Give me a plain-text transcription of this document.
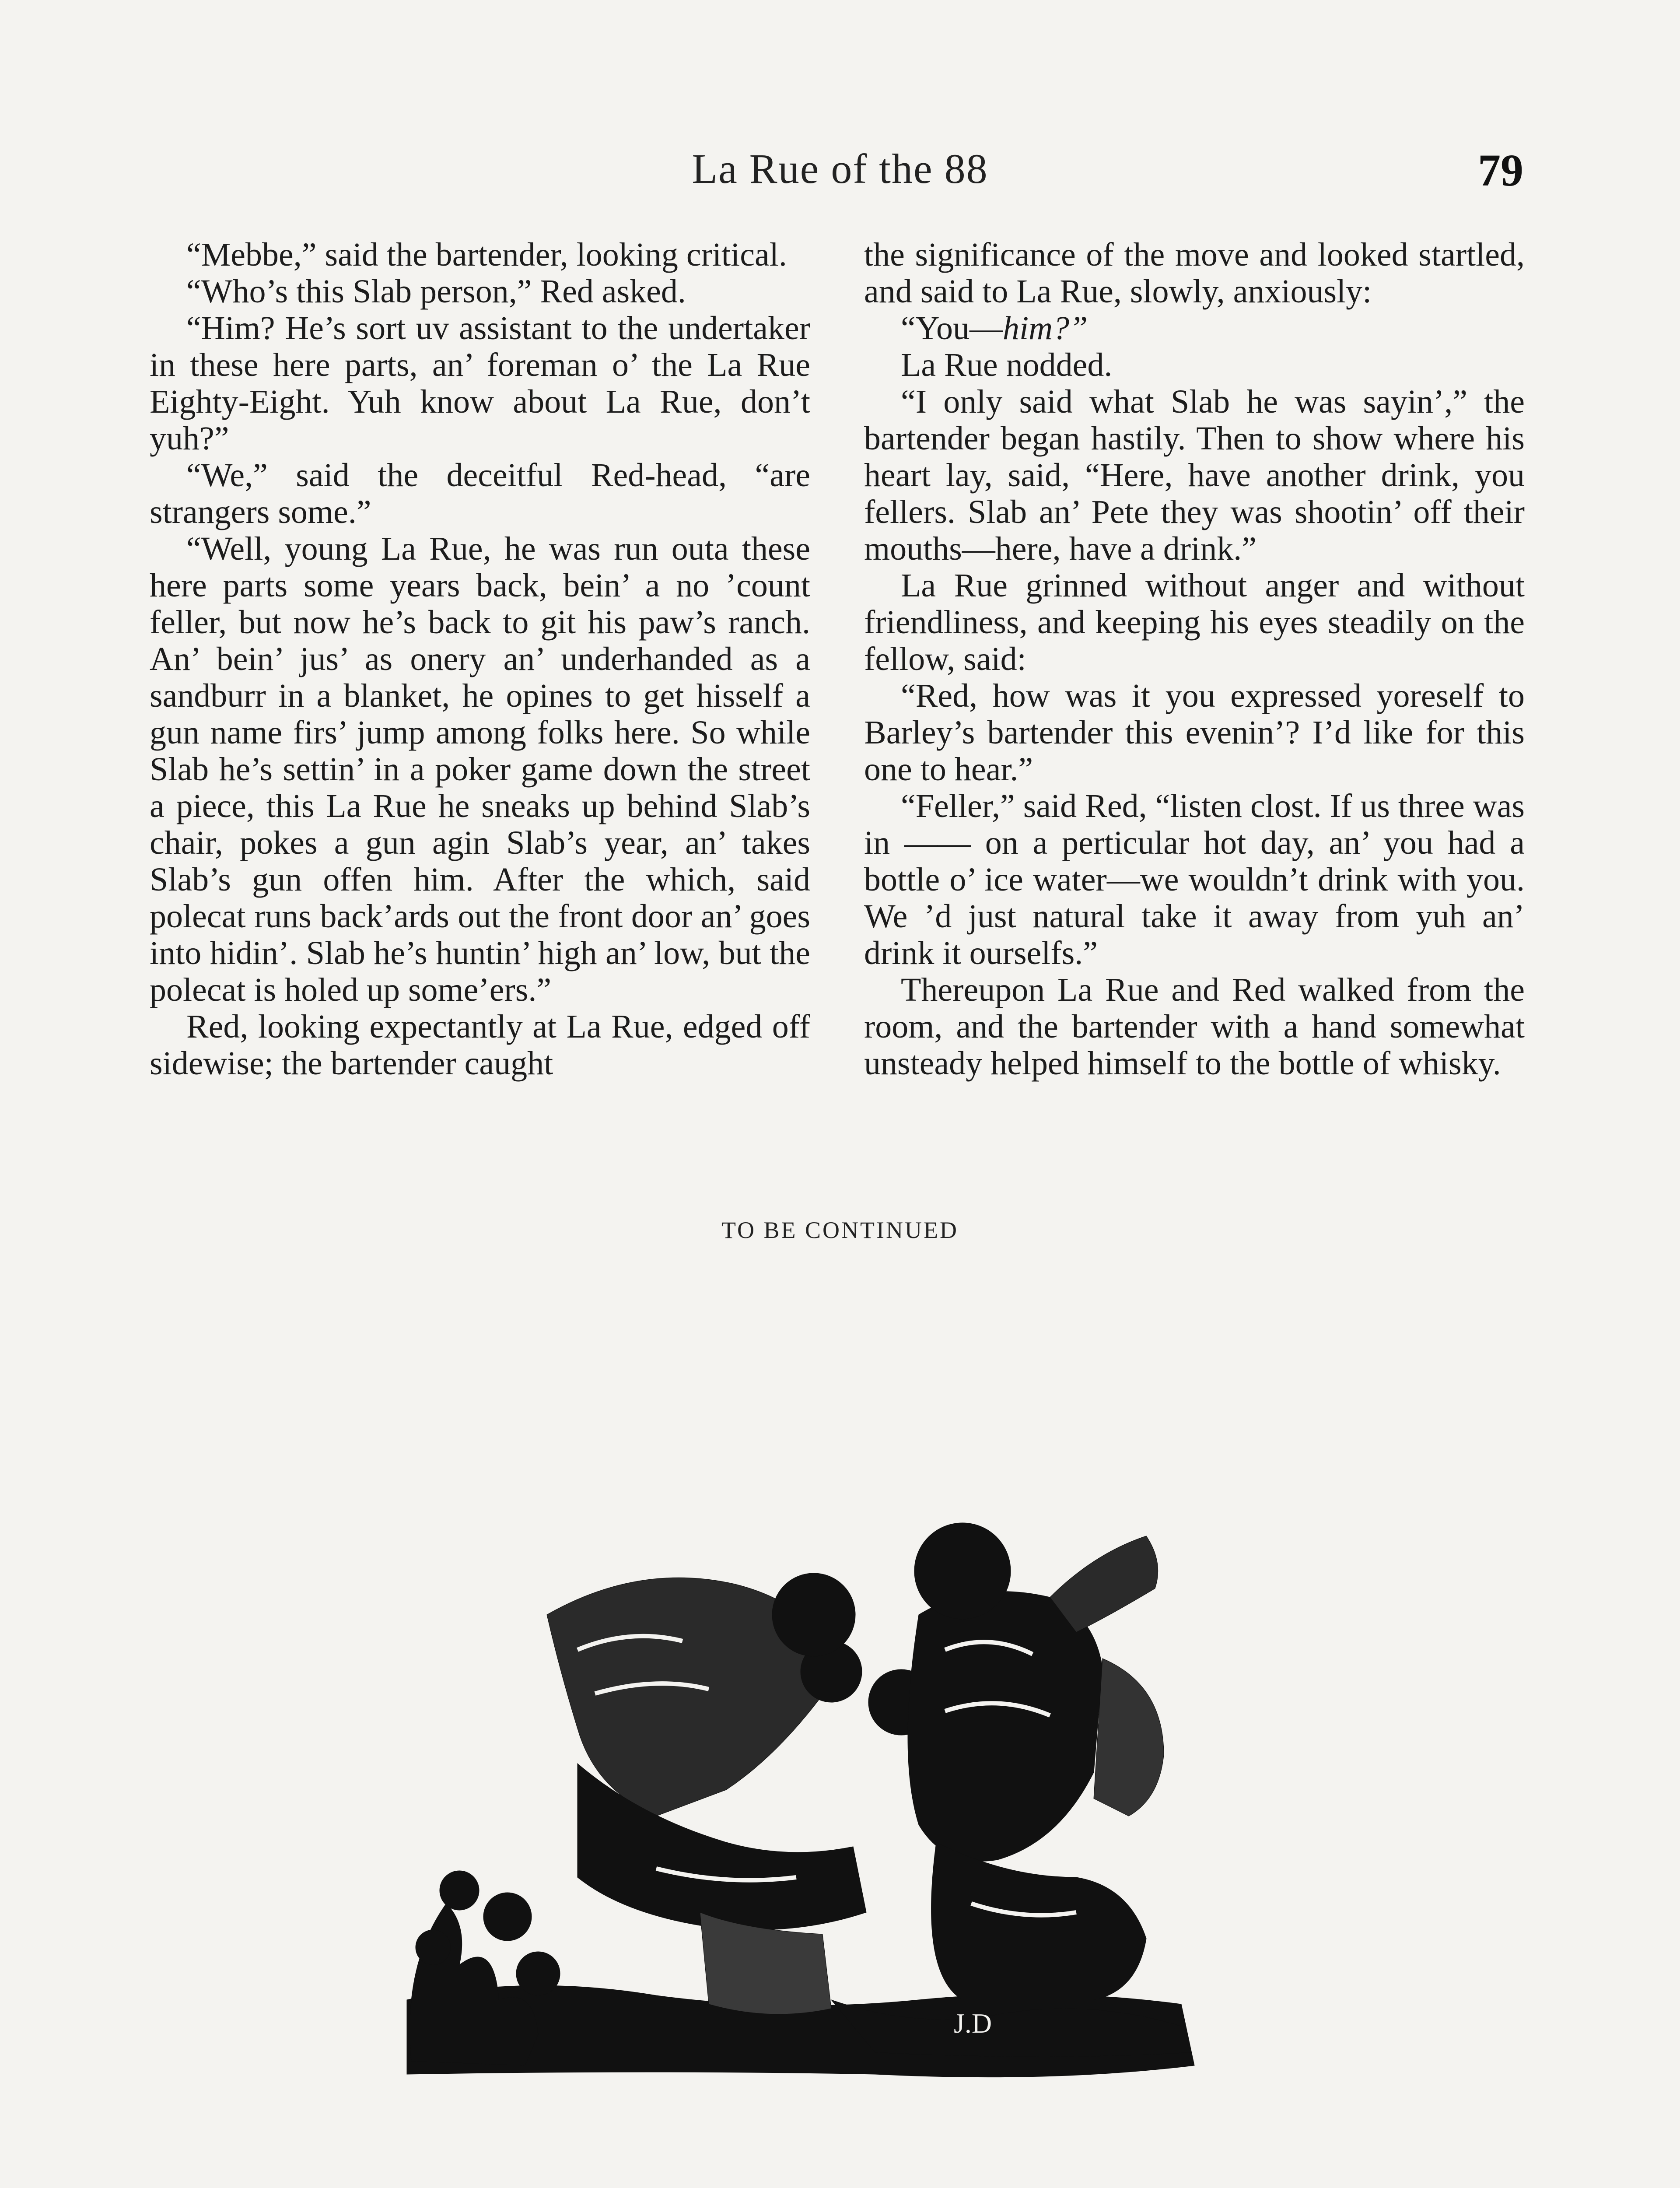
La Rue of the 88	79

“Mebbe,” said the bartender, looking critical.

“Who’s this Slab person,” Red asked.

“Him? He’s sort uv assistant to the undertaker in these here parts, an’ foreman o’ the La Rue Eighty-Eight. Yuh know about La Rue, don’t yuh?”

“We,” said the deceitful Red-head, “are strangers some.”

“Well, young La Rue, he was run outa these here parts some years back, bein’ a no ’count feller, but now he’s back to git his paw’s ranch. An’ bein’ jus’ as onery an’ underhanded as a sandburr in a blanket, he opines to get hisself a gun name firs’ jump among folks here. So while Slab he’s settin’ in a poker game down the street a piece, this La Rue he sneaks up behind Slab’s chair, pokes a gun agin Slab’s year, an’ takes Slab’s gun offen him. After the which, said polecat runs back’ards out the front door an’ goes into hidin’. Slab he’s huntin’ high an’ low, but the polecat is holed up some’ers.”

Red, looking expectantly at La Rue, edged off sidewise; the bartender caught

the significance of the move and looked startled, and said to La Rue, slowly, anxiously:

“You—him?”

La Rue nodded.

“I only said what Slab he was sayin’,” the bartender began hastily. Then to show where his heart lay, said, “Here, have another drink, you fellers. Slab an’ Pete they was shootin’ off their mouths—here, have a drink.”

La Rue grinned without anger and without friendliness, and keeping his eyes steadily on the fellow, said:

“Red, how was it you expressed yoreself to Barley’s bartender this evenin’? I’d like for this one to hear.”

“Feller,” said Red, “listen clost. If us three was in —— on a perticular hot day, an’ you had a bottle o’ ice water—we wouldn’t drink with you. We ’d just natural take it away from yuh an’ drink it ourselfs.”

Thereupon La Rue and Red walked from the room, and the bartender with a hand somewhat unsteady helped himself to the bottle of whisky.

TO BE CONTINUED
J.D
